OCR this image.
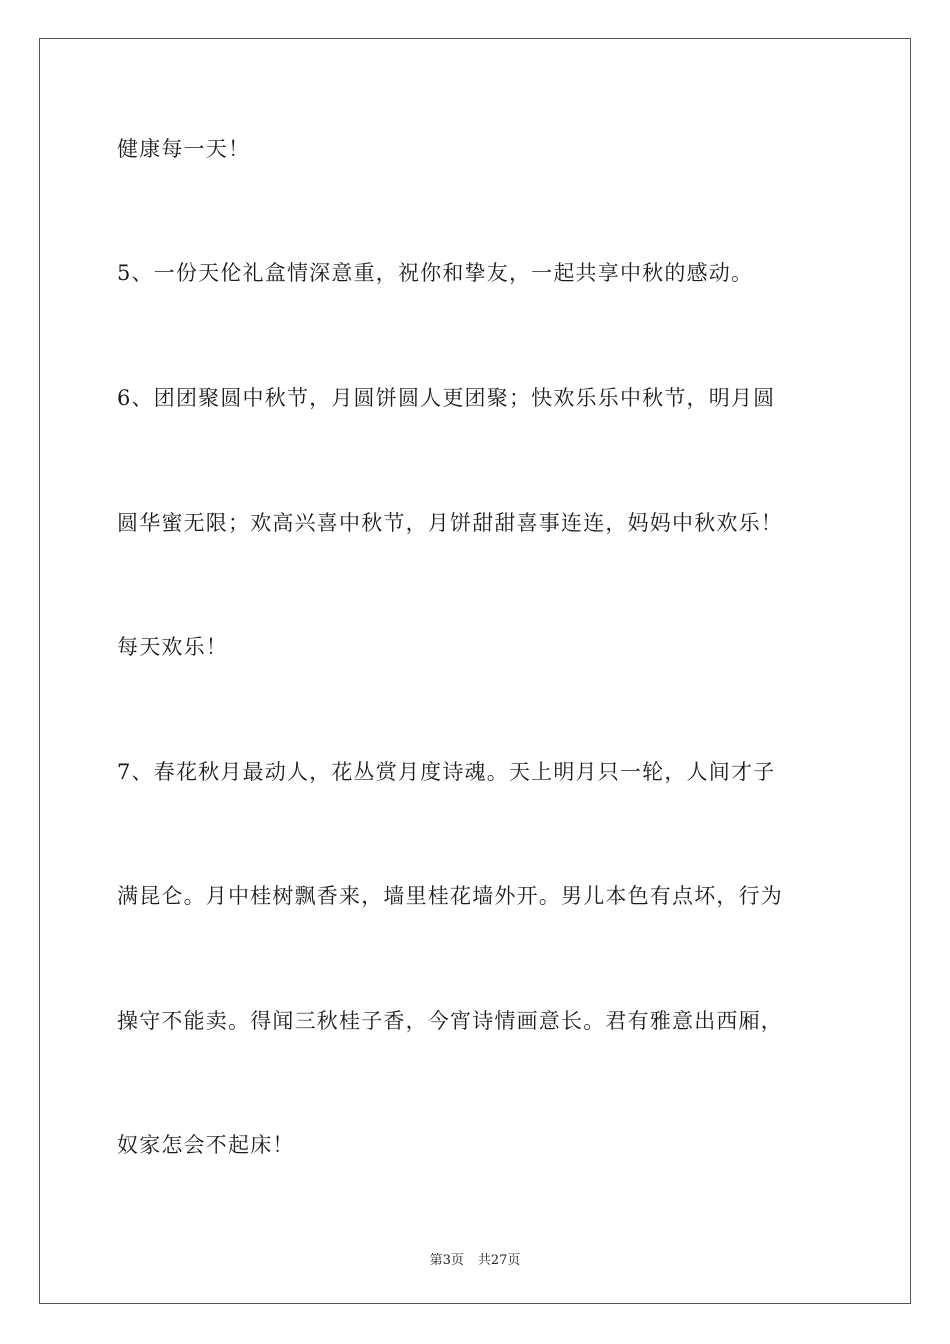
健康每一天！
5、一份天伦礼盒情深意重，祝你和挚友，一起共享中秋的感动。
6、团团聚圆中秋节，月圆饼圆人更团聚；快欢乐乐中秋节，明月圆
圆华蜜无限；欢高兴喜中秋节，月饼甜甜喜事连连，妈妈中秋欢乐！
每天欢乐！
7、春花秋月最动人，花丛赏月度诗魂。天上明月只一轮，人间才子
满昆仑。月中桂树飘香来，墙里桂花墙外开。男儿本色有点坏，行为
操守不能卖。得闻三秋桂子香，今宵诗情画意长。君有雅意出西厢，
奴家怎会不起床！
第3页 共27页
